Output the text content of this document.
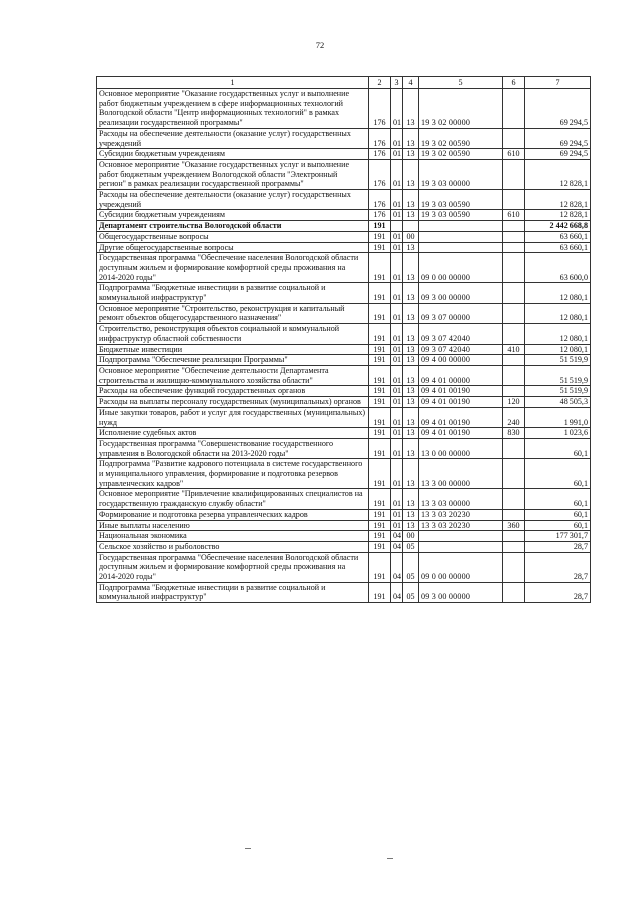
72
1	2	3	4	5	6	7
Основное мероприятие "Оказание государственных услуг и выполнение работ бюджетным учреждением в сфере информационных технологий Вологодской области "Центр информационных технологий" в рамках реализации государственной программы"	176	01	13	19 3 02 00000		69 294,5
Расходы на обеспечение деятельности (оказание услуг) государственных учреждений	176	01	13	19 3 02 00590		69 294,5
Субсидии бюджетным учреждениям	176	01	13	19 3 02 00590	610	69 294,5
Основное мероприятие "Оказание государственных услуг и выполнение работ бюджетным учреждением Вологодской области "Электронный регион" в рамках реализации государственной программы"	176	01	13	19 3 03 00000		12 828,1
Расходы на обеспечение деятельности (оказание услуг) государственных учреждений	176	01	13	19 3 03 00590		12 828,1
Субсидии бюджетным учреждениям	176	01	13	19 3 03 00590	610	12 828,1
Департамент строительства Вологодской области	191					2 442 668,8
Общегосударственные вопросы	191	01	00			63 660,1
Другие общегосударственные вопросы	191	01	13			63 660,1
Государственная программа "Обеспечение населения Вологодской области доступным жильем и формирование комфортной среды проживания на 2014-2020 годы"	191	01	13	09 0 00 00000		63 600,0
Подпрограмма "Бюджетные инвестиции в развитие социальной и коммунальной инфраструктур"	191	01	13	09 3 00 00000		12 080,1
Основное мероприятие "Строительство, реконструкция и капитальный ремонт объектов общегосударственного назначения"	191	01	13	09 3 07 00000		12 080,1
Строительство, реконструкция объектов социальной и коммунальной инфраструктур областной собственности	191	01	13	09 3 07 42040		12 080,1
Бюджетные инвестиции	191	01	13	09 3 07 42040	410	12 080,1
Подпрограмма "Обеспечение реализации Программы"	191	01	13	09 4 00 00000		51 519,9
Основное мероприятие "Обеспечение деятельности Департамента строительства и жилищно-коммунального хозяйства области"	191	01	13	09 4 01 00000		51 519,9
Расходы на обеспечение функций государственных органов	191	01	13	09 4 01 00190		51 519,9
Расходы на выплаты персоналу государственных (муниципальных) органов	191	01	13	09 4 01 00190	120	48 505,3
Иные закупки товаров, работ и услуг для государственных (муниципальных) нужд	191	01	13	09 4 01 00190	240	1 991,0
Исполнение судебных актов	191	01	13	09 4 01 00190	830	1 023,6
Государственная программа "Совершенствование государственного управления в Вологодской области на 2013-2020 годы"	191	01	13	13 0 00 00000		60,1
Подпрограмма "Развитие кадрового потенциала в системе государственного и муниципального управления, формирование и подготовка резервов управленческих кадров"	191	01	13	13 3 00 00000		60,1
Основное мероприятие "Привлечение квалифицированных специалистов на государственную гражданскую службу области"	191	01	13	13 3 03 00000		60,1
Формирование и подготовка резерва управленческих кадров	191	01	13	13 3 03 20230		60,1
Иные выплаты населению	191	01	13	13 3 03 20230	360	60,1
Национальная экономика	191	04	00			177 301,7
Сельское хозяйство и рыболовство	191	04	05			28,7
Государственная программа "Обеспечение населения Вологодской области доступным жильем и формирование комфортной среды проживания на 2014-2020 годы"	191	04	05	09 0 00 00000		28,7
Подпрограмма "Бюджетные инвестиции в развитие социальной и коммунальной инфраструктур"	191	04	05	09 3 00 00000		28,7
